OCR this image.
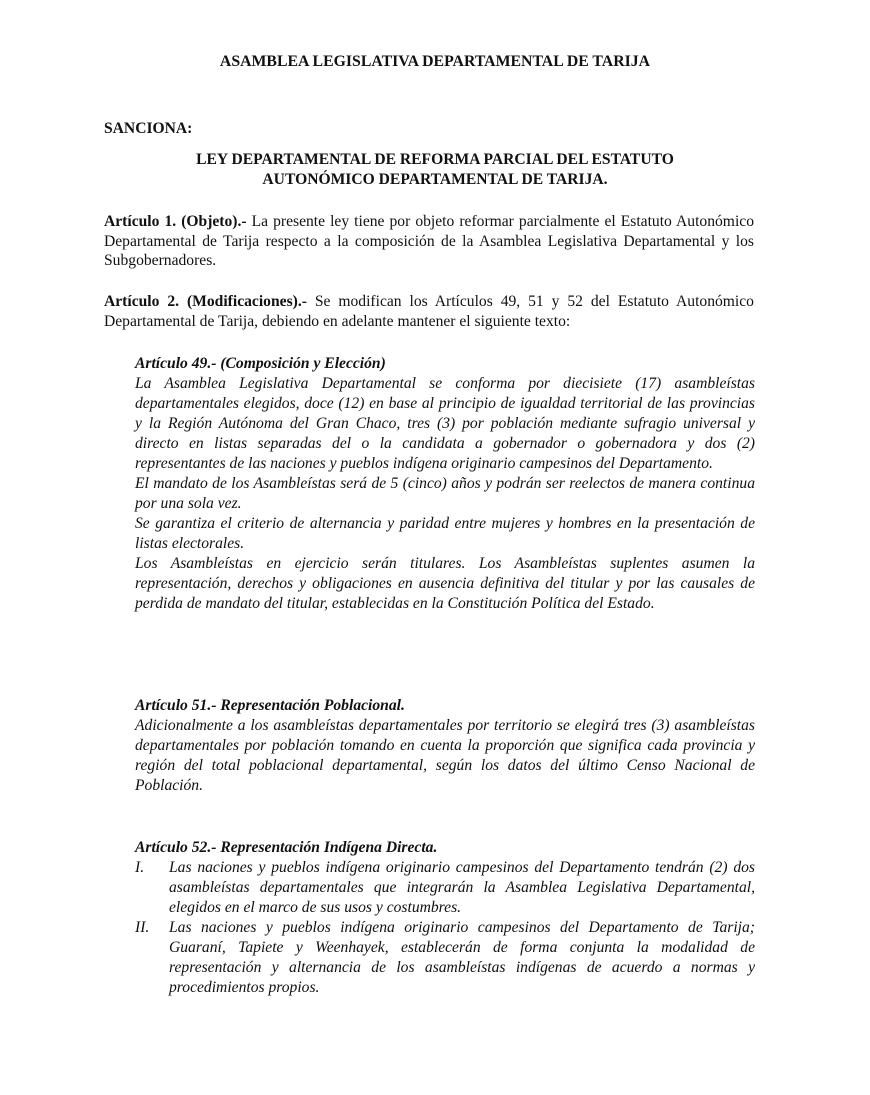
ASAMBLEA LEGISLATIVA DEPARTAMENTAL DE TARIJA
SANCIONA:
LEY DEPARTAMENTAL DE REFORMA PARCIAL DEL ESTATUTO
AUTONÓMICO DEPARTAMENTAL DE TARIJA.
Artículo 1. (Objeto).- La presente ley tiene por objeto reformar parcialmente el Estatuto Autonómico Departamental de Tarija respecto a la composición de la Asamblea Legislativa Departamental y los Subgobernadores.
Artículo 2. (Modificaciones).- Se modifican los Artículos 49, 51 y 52 del Estatuto Autonómico Departamental de Tarija, debiendo en adelante mantener el siguiente texto:
Artículo 49.- (Composición y Elección)

La Asamblea Legislativa Departamental se conforma por diecisiete (17) asambleístas departamentales elegidos, doce (12) en base al principio de igualdad territorial de las provincias y la Región Autónoma del Gran Chaco, tres (3) por población mediante sufragio universal y directo en listas separadas del o la candidata a gobernador o gobernadora y dos (2) representantes de las naciones y pueblos indígena originario campesinos del Departamento.

El mandato de los Asambleístas será de 5 (cinco) años y podrán ser reelectos de manera continua por una sola vez.

Se garantiza el criterio de alternancia y paridad entre mujeres y hombres en la presentación de listas electorales.

Los Asambleístas en ejercicio serán titulares. Los Asambleístas suplentes asumen la representación, derechos y obligaciones en ausencia definitiva del titular y por las causales de perdida de mandato del titular, establecidas en la Constitución Política del Estado.

Artículo 51.- Representación Poblacional.

Adicionalmente a los asambleístas departamentales por territorio se elegirá tres (3) asambleístas departamentales por población tomando en cuenta la proporción que significa cada provincia y región del total poblacional departamental, según los datos del último Censo Nacional de Población.

Artículo 52.- Representación Indígena Directa.
I.	Las naciones y pueblos indígena originario campesinos del Departamento tendrán (2) dos asambleístas departamentales que integrarán la Asamblea Legislativa Departamental, elegidos en el marco de sus usos y costumbres.
II.	Las naciones y pueblos indígena originario campesinos del Departamento de Tarija; Guaraní, Tapiete y Weenhayek, establecerán de forma conjunta la modalidad de representación y alternancia de los asambleístas indígenas de acuerdo a normas y procedimientos propios.
